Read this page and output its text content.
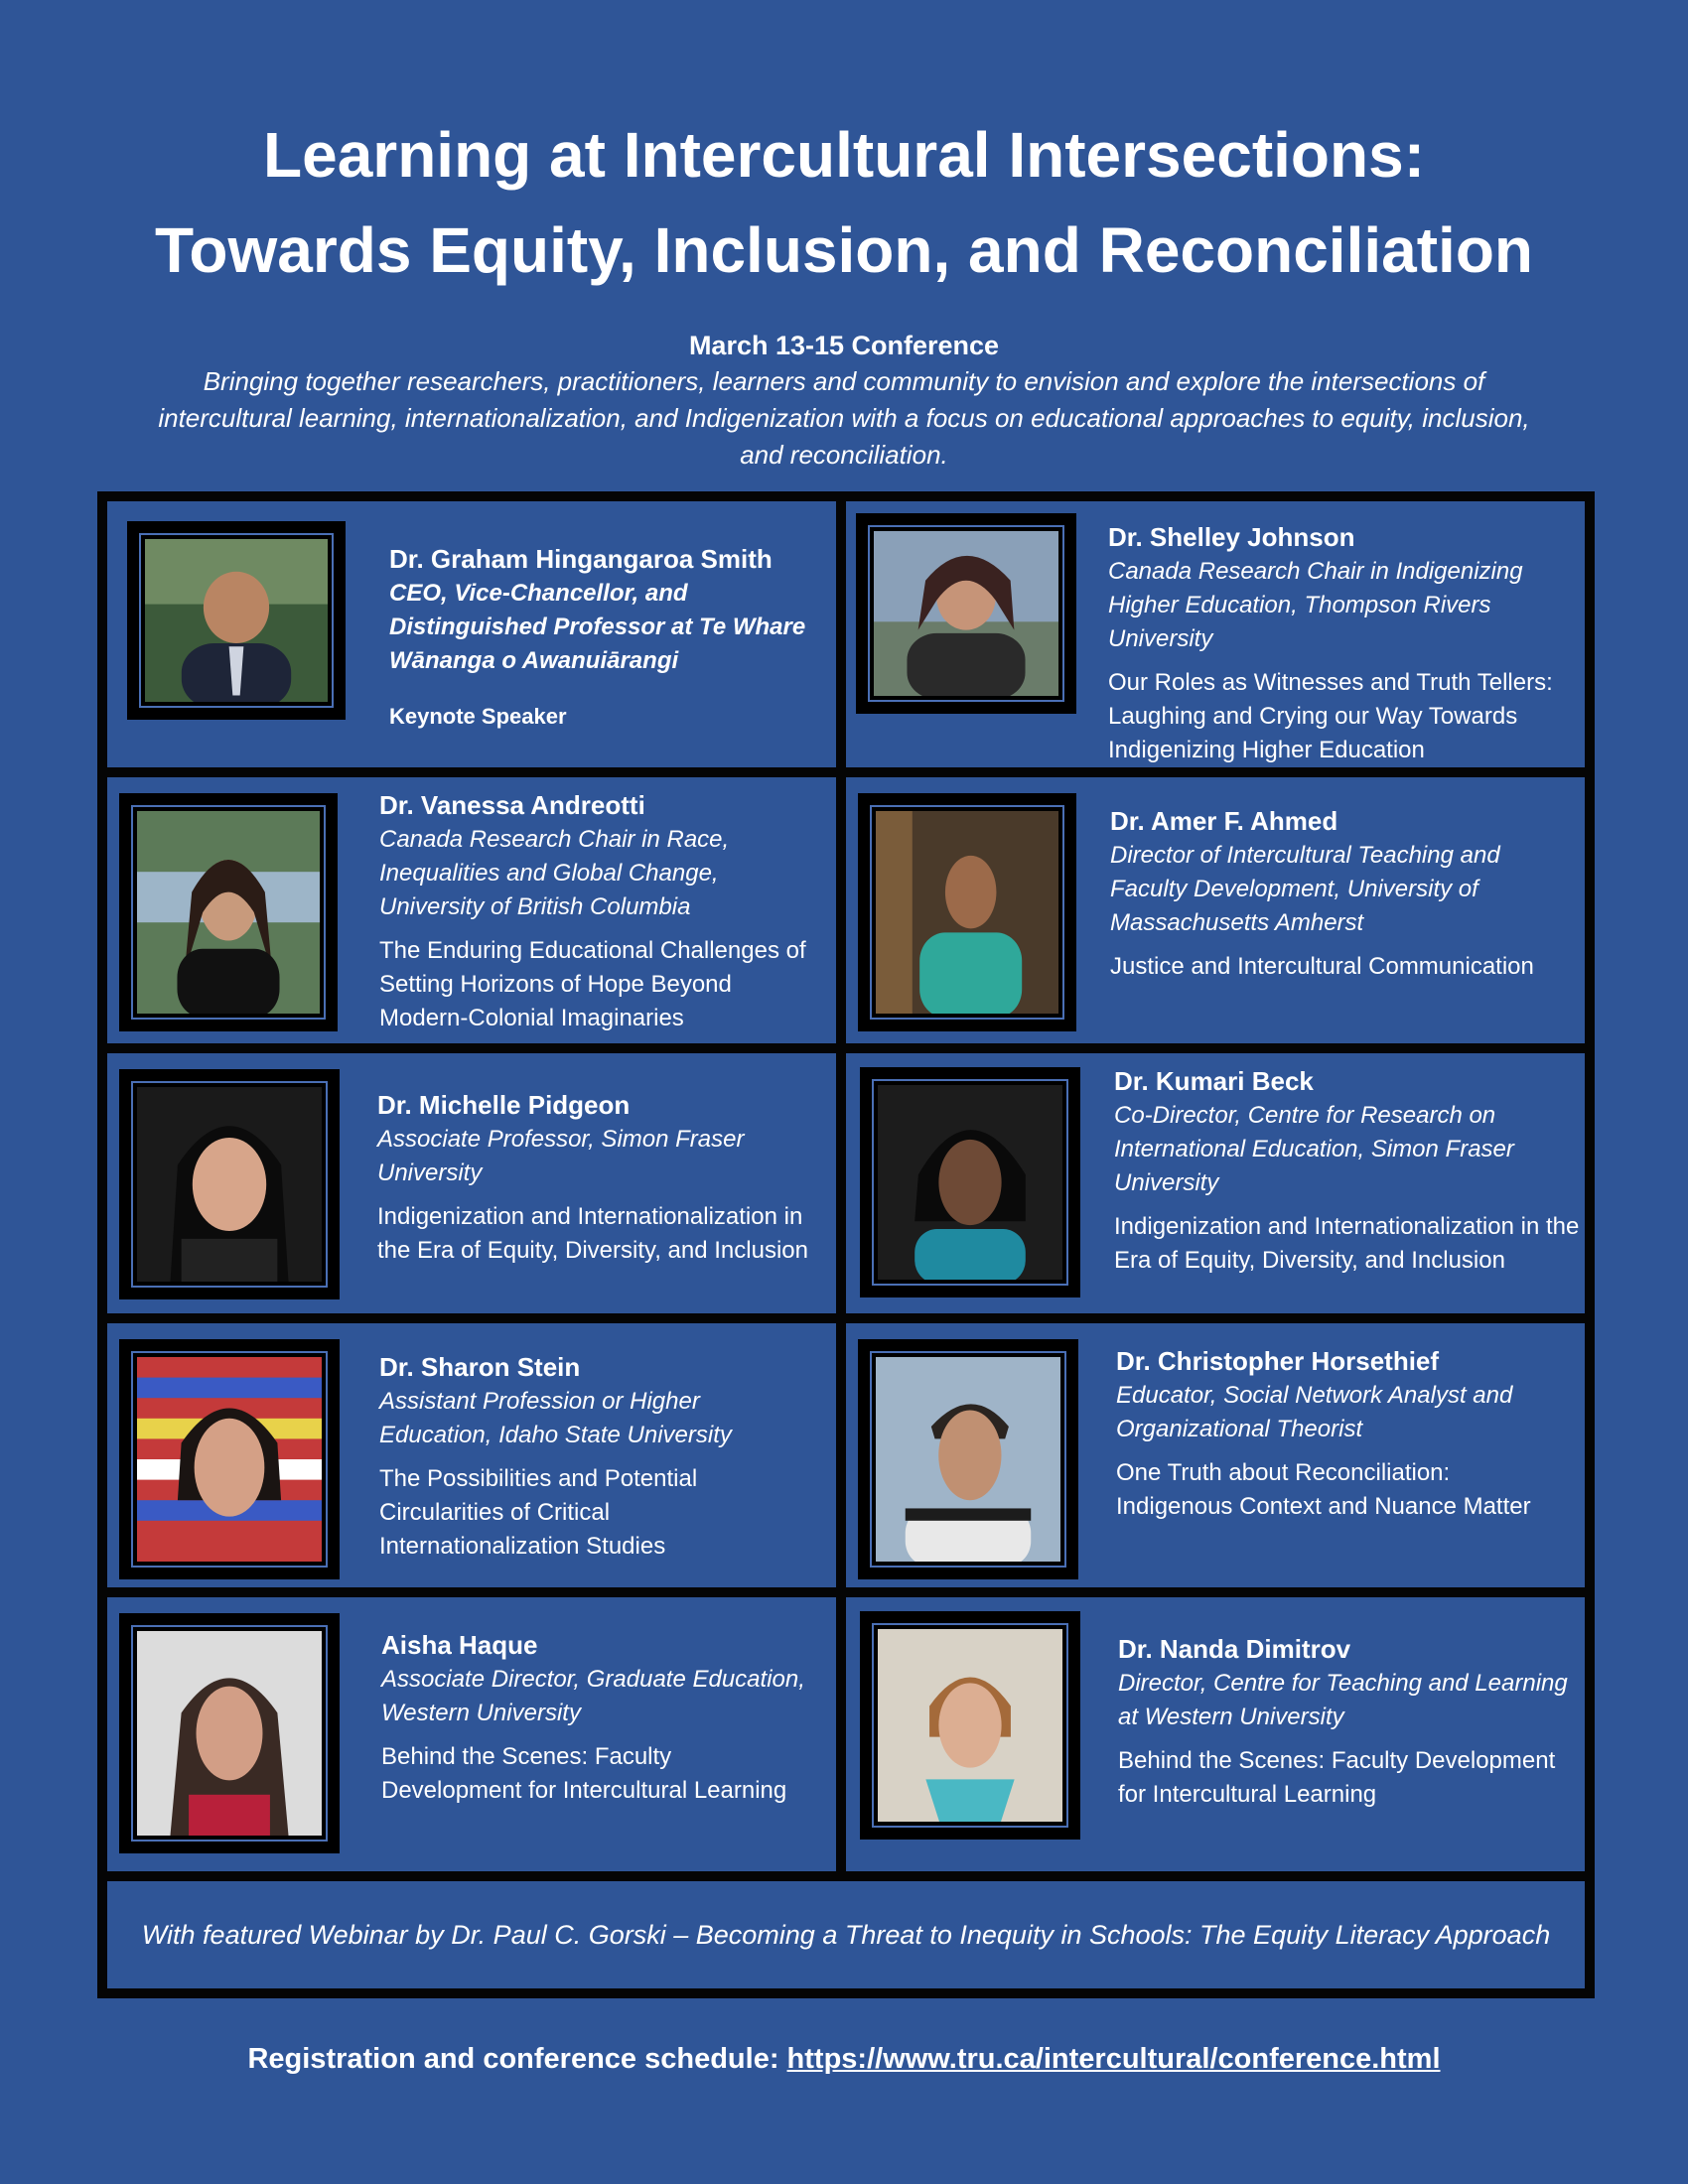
Learning at Intercultural Intersections:
Towards Equity, Inclusion, and Reconciliation
March 13-15 Conference
Bringing together researchers, practitioners, learners and community to envision and explore the intersections of intercultural learning, internationalization, and Indigenization with a focus on educational approaches to equity, inclusion, and reconciliation.
Dr. Graham Hingangaroa Smith
CEO, Vice-Chancellor, and Distinguished Professor at Te Whare Wānanga o Awanuiārangi
Keynote Speaker
Dr. Shelley Johnson
Canada Research Chair in Indigenizing Higher Education, Thompson Rivers University
Our Roles as Witnesses and Truth Tellers: Laughing and Crying our Way Towards Indigenizing Higher Education
Dr. Vanessa Andreotti
Canada Research Chair in Race, Inequalities and Global Change, University of British Columbia
The Enduring Educational Challenges of Setting Horizons of Hope Beyond Modern-Colonial Imaginaries
Dr. Amer F. Ahmed
Director of Intercultural Teaching and Faculty Development, University of Massachusetts Amherst
Justice and Intercultural Communication
Dr. Michelle Pidgeon
Associate Professor, Simon Fraser University
Indigenization and Internationalization in the Era of Equity, Diversity, and Inclusion
Dr. Kumari Beck
Co-Director, Centre for Research on International Education, Simon Fraser University
Indigenization and Internationalization in the Era of Equity, Diversity, and Inclusion
Dr. Sharon Stein
Assistant Profession or Higher Education, Idaho State University
The Possibilities and Potential Circularities of Critical Internationalization Studies
Dr. Christopher Horsethief
Educator, Social Network Analyst and Organizational Theorist
One Truth about Reconciliation: Indigenous Context and Nuance Matter
Aisha Haque
Associate Director, Graduate Education, Western University
Behind the Scenes: Faculty Development for Intercultural Learning
Dr. Nanda Dimitrov
Director, Centre for Teaching and Learning at Western University
Behind the Scenes: Faculty Development for Intercultural Learning
With featured Webinar by Dr. Paul C. Gorski – Becoming a Threat to Inequity in Schools: The Equity Literacy Approach
Registration and conference schedule: https://www.tru.ca/intercultural/conference.html
